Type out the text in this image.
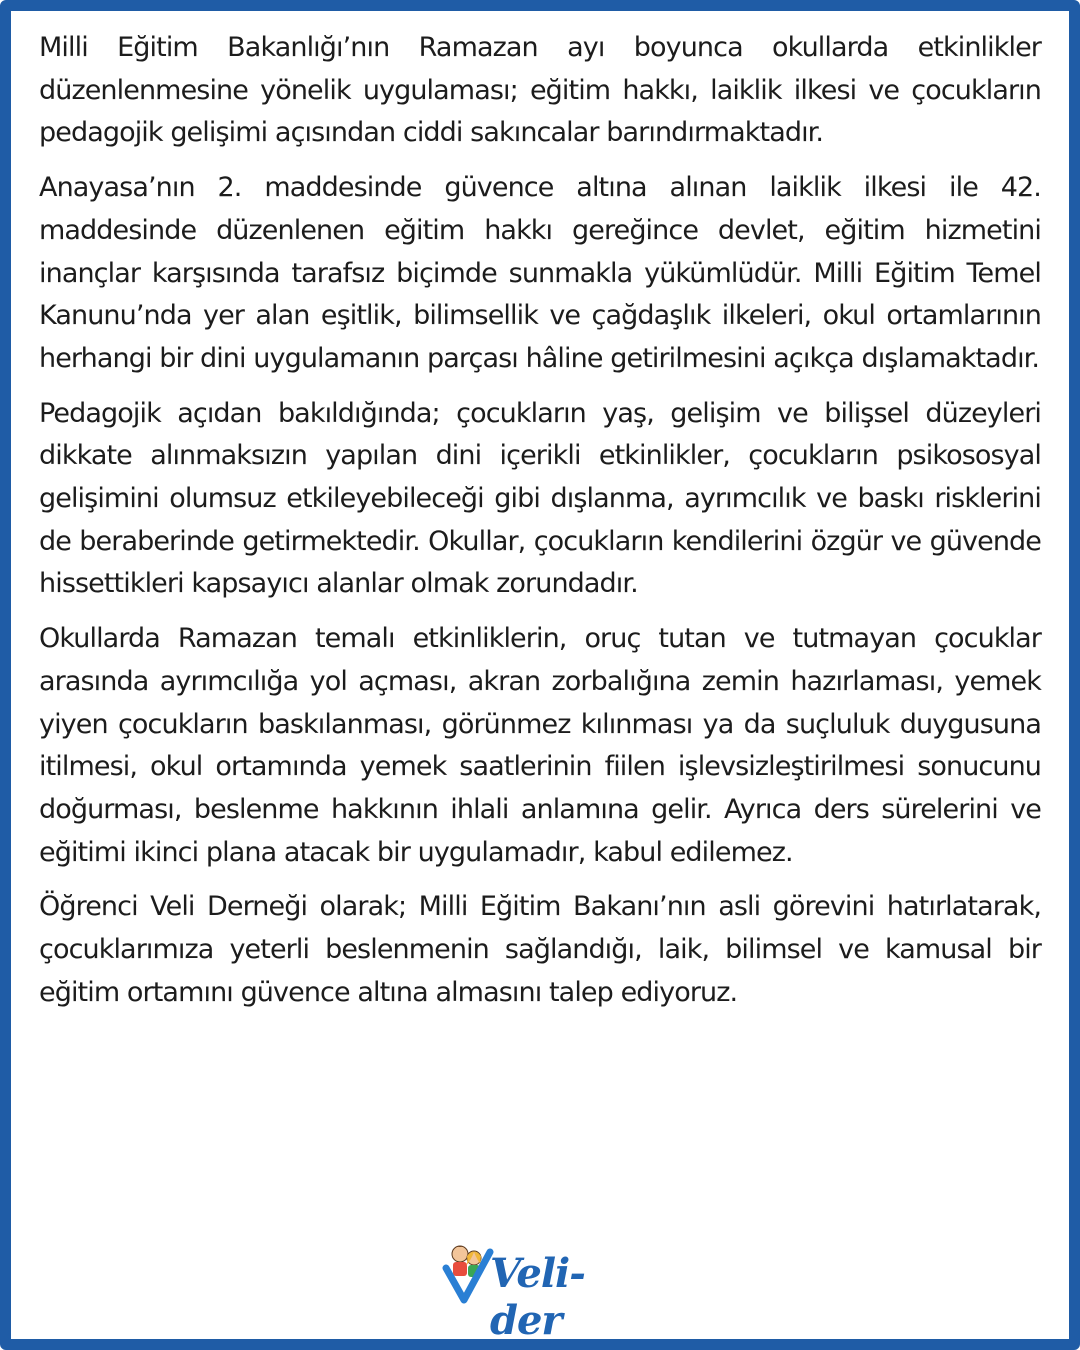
Milli Eğitim Bakanlığı’nın Ramazan ayı boyunca okullarda etkinlikler düzenlenmesine yönelik uygulaması; eğitim hakkı, laiklik ilkesi ve çocukların pedagojik gelişimi açısından ciddi sakıncalar barındırmaktadır.

Anayasa’nın 2. maddesinde güvence altına alınan laiklik ilkesi ile 42. maddesinde düzenlenen eğitim hakkı gereğince devlet, eğitim hizmetini inançlar karşısında tarafsız biçimde sunmakla yükümlüdür. Milli Eğitim Temel Kanunu’nda yer alan eşitlik, bilimsellik ve çağdaşlık ilkeleri, okul ortamlarının herhangi bir dini uygulamanın parçası hâline getirilmesini açıkça dışlamaktadır.

Pedagojik açıdan bakıldığında; çocukların yaş, gelişim ve bilişsel düzeyleri dikkate alınmaksızın yapılan dini içerikli etkinlikler, çocukların psikososyal gelişimini olumsuz etkileyebileceği gibi dışlanma, ayrımcılık ve baskı risklerini de beraberinde getirmektedir. Okullar, çocukların kendilerini özgür ve güvende hissettikleri kapsayıcı alanlar olmak zorundadır.

Okullarda Ramazan temalı etkinliklerin, oruç tutan ve tutmayan çocuklar arasında ayrımcılığa yol açması, akran zorbalığına zemin hazırlaması, yemek yiyen çocukların baskılanması, görünmez kılınması ya da suçluluk duygusuna itilmesi, okul ortamında yemek saatlerinin fiilen işlevsizleştirilmesi sonucunu doğurması, beslenme hakkının ihlali anlamına gelir. Ayrıca ders sürelerini ve eğitimi ikinci plana atacak bir uygulamadır, kabul edilemez.

Öğrenci Veli Derneği olarak; Milli Eğitim Bakanı’nın asli görevini hatırlatarak, çocuklarımıza yeterli beslenmenin sağlandığı, laik, bilimsel ve kamusal bir eğitim ortamını güvence altına almasını talep ediyoruz.

Veli-der
